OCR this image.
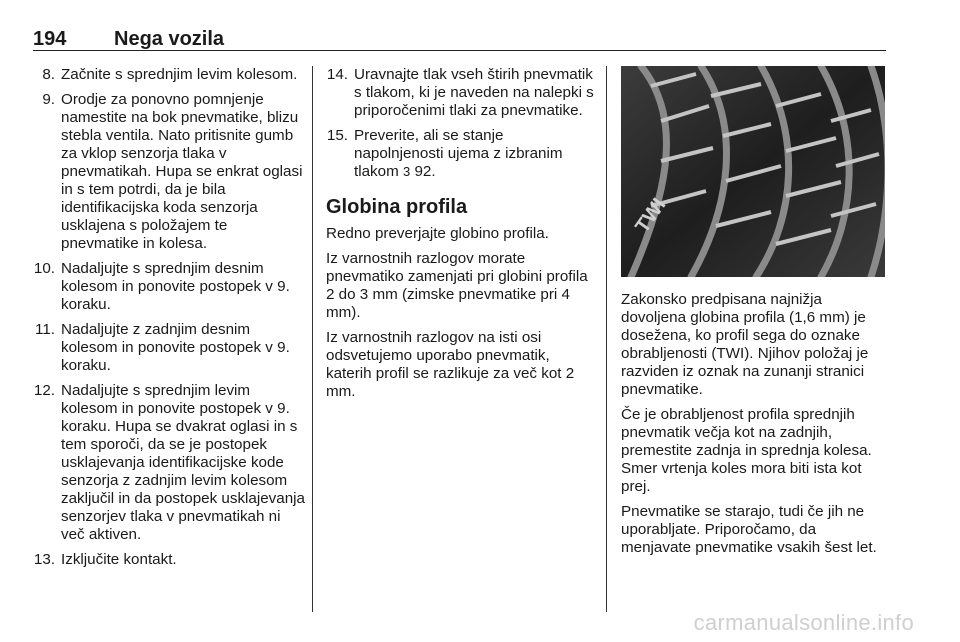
194 Nega vozila
8. Začnite s sprednjim levim kolesom.
9. Orodje za ponovno pomnjenje namestite na bok pnevmatike, blizu stebla ventila. Nato pritisnite gumb za vklop senzorja tlaka v pnevmatikah. Hupa se enkrat oglasi in s tem potrdi, da je bila identifikacijska koda senzorja usklajena s položajem te pnevmatike in kolesa.
10. Nadaljujte s sprednjim desnim kolesom in ponovite postopek v 9. koraku.
11. Nadaljujte z zadnjim desnim kolesom in ponovite postopek v 9. koraku.
12. Nadaljujte s sprednjim levim kolesom in ponovite postopek v 9. koraku. Hupa se dvakrat oglasi in s tem sporoči, da se je postopek usklajevanja identifikacijske kode senzorja z zadnjim levim kolesom zaključil in da postopek usklajevanja senzorjev tlaka v pnevmatikah ni več aktiven.
13. Izključite kontakt.
14. Uravnajte tlak vseh štirih pnevmatik s tlakom, ki je naveden na nalepki s priporočenimi tlaki za pnevmatike.
15. Preverite, ali se stanje napolnjenosti ujema z izbranim tlakom 3 92.
Globina profila

Redno preverjajte globino profila.

Iz varnostnih razlogov morate pnevmatiko zamenjati pri globini profila 2 do 3 mm (zimske pnevmatike pri 4 mm).

Iz varnostnih razlogov na isti osi odsvetujemo uporabo pnevmatik, katerih profil se razlikuje za več kot 2 mm.

TWI

Zakonsko predpisana najnižja dovoljena globina profila (1,6 mm) je dosežena, ko profil sega do oznake obrabljenosti (TWI). Njihov položaj je razviden iz oznak na zunanji stranici pnevmatike.

Če je obrabljenost profila sprednjih pnevmatik večja kot na zadnjih, premestite zadnja in sprednja kolesa. Smer vrtenja koles mora biti ista kot prej.

Pnevmatike se starajo, tudi če jih ne uporabljate. Priporočamo, da menjavate pnevmatike vsakih šest let.

carmanualsonline.info
